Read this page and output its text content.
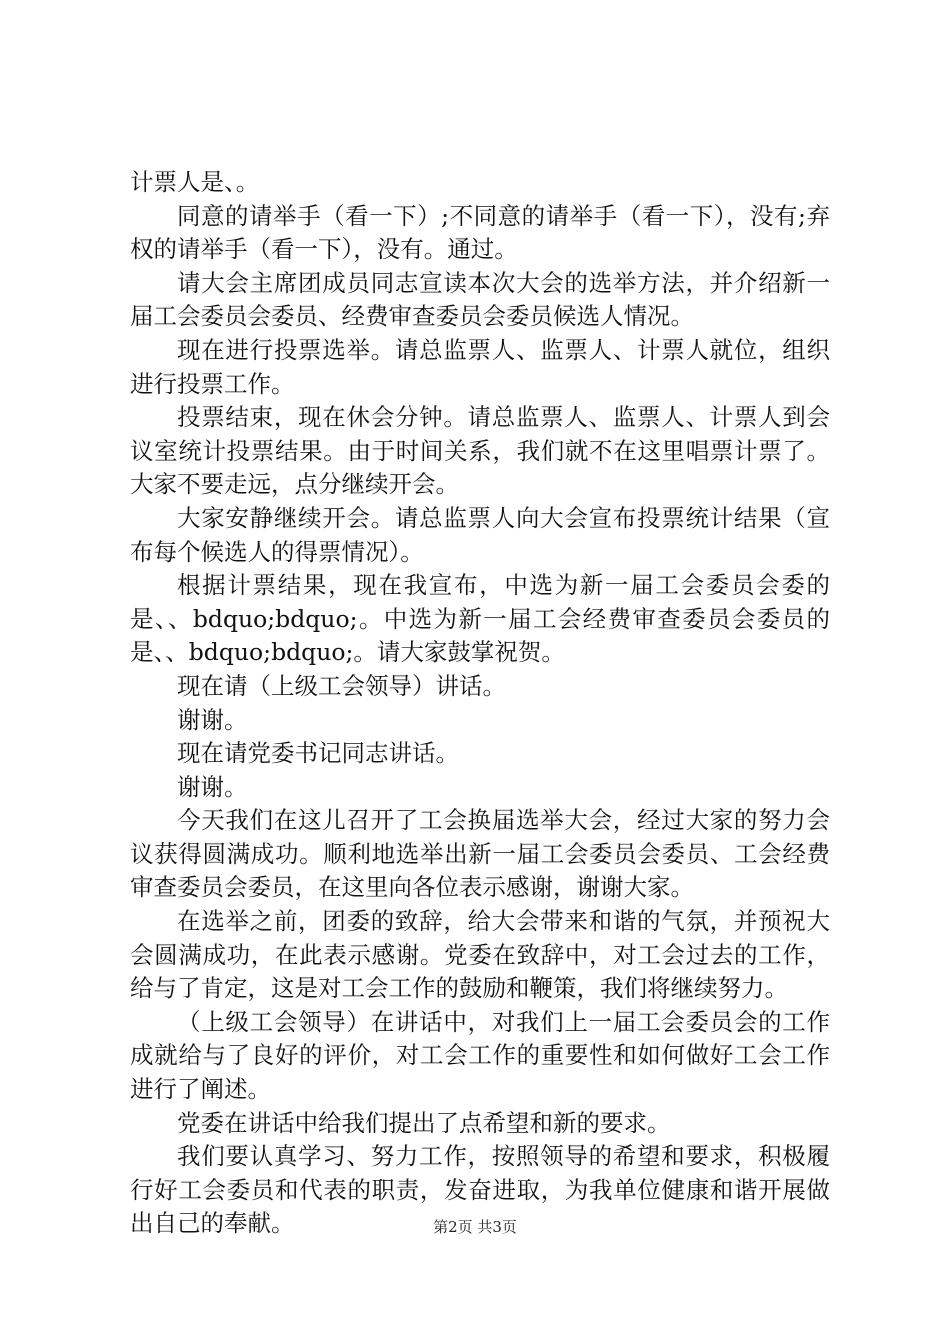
计票人是、。

同意的请举手（看一下）;不同意的请举手（看一下），没有;弃权的请举手（看一下），没有。通过。

请大会主席团成员同志宣读本次大会的选举方法，并介绍新一届工会委员会委员、经费审查委员会委员候选人情况。

现在进行投票选举。请总监票人、监票人、计票人就位，组织进行投票工作。

投票结束，现在休会分钟。请总监票人、监票人、计票人到会议室统计投票结果。由于时间关系，我们就不在这里唱票计票了。大家不要走远，点分继续开会。

大家安静继续开会。请总监票人向大会宣布投票统计结果（宣布每个候选人的得票情况）。

根据计票结果，现在我宣布，中选为新一届工会委员会委的是、、bdquo;bdquo;。中选为新一届工会经费审查委员会委员的是、、bdquo;bdquo;。请大家鼓掌祝贺。

现在请（上级工会领导）讲话。

谢谢。

现在请党委书记同志讲话。

谢谢。

今天我们在这儿召开了工会换届选举大会，经过大家的努力会议获得圆满成功。顺利地选举出新一届工会委员会委员、工会经费审查委员会委员，在这里向各位表示感谢，谢谢大家。

在选举之前，团委的致辞，给大会带来和谐的气氛，并预祝大会圆满成功，在此表示感谢。党委在致辞中，对工会过去的工作，给与了肯定，这是对工会工作的鼓励和鞭策，我们将继续努力。

（上级工会领导）在讲话中，对我们上一届工会委员会的工作成就给与了良好的评价，对工会工作的重要性和如何做好工会工作进行了阐述。

党委在讲话中给我们提出了点希望和新的要求。

我们要认真学习、努力工作，按照领导的希望和要求，积极履行好工会委员和代表的职责，发奋进取，为我单位健康和谐开展做出自己的奉献。	第2页 共3页
